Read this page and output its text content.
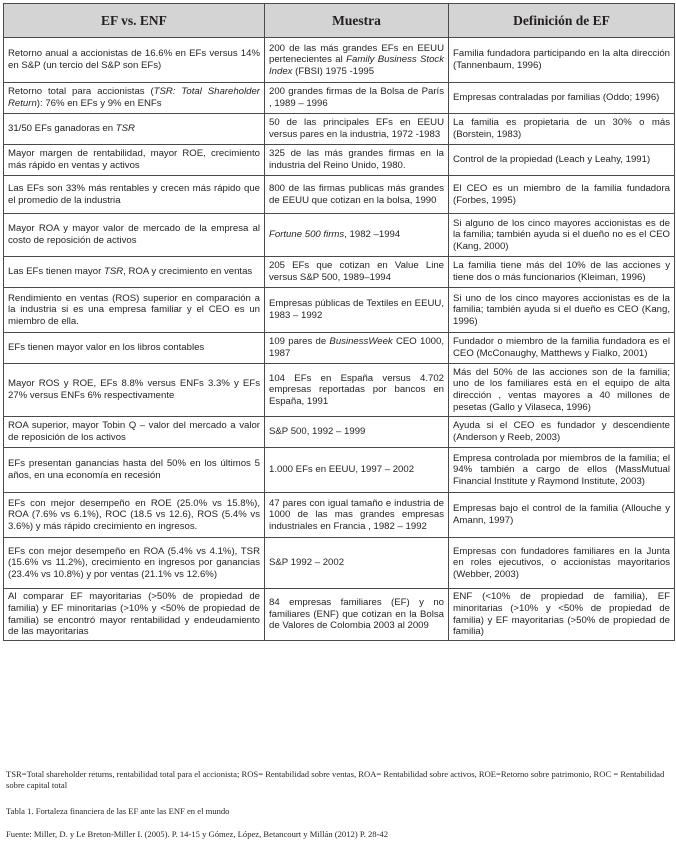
EF vs. ENF	Muestra	Definición de EF
Retorno anual a accionistas de 16.6% en EFs versus 14% en S&P (un tercio del S&P son EFs)	200 de las más grandes EFs en EEUU pertenecientes al Family Business Stock Index (FBSI) 1975 -1995	Familia fundadora participando en la alta dirección (Tannenbaum, 1996)
Retorno total para accionistas (TSR: Total Shareholder Return): 76% en EFs y 9% en ENFs	200 grandes firmas de la Bolsa de París , 1989 – 1996	Empresas contraladas por familias (Oddo; 1996)
31/50 EFs ganadoras en TSR	50 de las principales EFs en EEUU versus pares en la industria, 1972 -1983	La familia es propietaria de un 30% o más (Borstein, 1983)
Mayor margen de rentabilidad, mayor ROE, crecimiento más rápido en ventas y activos	325 de las más grandes firmas en la industria del Reino Unido, 1980.	Control de la propiedad (Leach y Leahy, 1991)
Las EFs son 33% más rentables y crecen más rápido que el promedio de la industria	800 de las firmas publicas más grandes de EEUU que cotizan en la bolsa, 1990	El CEO es un miembro de la familia fundadora (Forbes, 1995)
Mayor ROA y mayor valor de mercado de la empresa al costo de reposición de activos	Fortune 500 firms, 1982 –1994	Si alguno de los cinco mayores accionistas es de la familia; también ayuda si el dueño no es el CEO (Kang, 2000)
Las EFs tienen mayor TSR, ROA y crecimiento en ventas	205 EFs que cotizan en Value Line versus S&P 500, 1989–1994	La familia tiene más del 10% de las acciones y tiene dos o más funcionarios (Kleiman, 1996)
Rendimiento en ventas (ROS) superior en comparación a la industria si es una empresa familiar y el CEO es un miembro de ella.	Empresas públicas de Textiles en EEUU, 1983 – 1992	Si uno de los cinco mayores accionistas es de la familia; también ayuda si el dueño es CEO (Kang, 1996)
EFs tienen mayor valor en los libros contables	109 pares de BusinessWeek CEO 1000, 1987	Fundador o miembro de la familia fundadora es el CEO (McConaughy, Matthews y Fialko, 2001)
Mayor ROS y ROE, EFs 8.8% versus ENFs 3.3% y EFs 27% versus ENFs 6% respectivamente	104 EFs en España versus 4.702 empresas reportadas por bancos en España, 1991	Más del 50% de las acciones son de la familia; uno de los familiares está en el equipo de alta dirección , ventas mayores a 40 millones de pesetas (Gallo y Vilaseca, 1996)
ROA superior, mayor Tobin Q – valor del mercado a valor de reposición de los activos	S&P 500, 1992 – 1999	Ayuda si el CEO es fundador y descendiente (Anderson y Reeb, 2003)
EFs presentan ganancias hasta del 50% en los últimos 5 años, en una economía en recesión	1.000 EFs en EEUU, 1997 – 2002	Empresa controlada por miembros de la familia; el 94% también a cargo de ellos (MassMutual Financial Institute y Raymond Institute, 2003)
EFs con mejor desempeño en ROE (25.0% vs 15.8%), ROA (7.6% vs 6.1%), ROC (18.5 vs 12.6), ROS (5.4% vs 3.6%) y más rápido crecimiento en ingresos.	47 pares con igual tamaño e industria de 1000 de las mas grandes empresas industriales en Francia , 1982 – 1992	Empresas bajo el control de la familia (Allouche y Amann, 1997)
EFs con mejor desempeño en ROA (5.4% vs 4.1%), TSR (15.6% vs 11.2%), crecimiento en ingresos por ganancias (23.4% vs 10.8%) y por ventas (21.1% vs 12.6%)	S&P 1992 – 2002	Empresas con fundadores familiares en la Junta en roles ejecutivos, o accionistas mayoritarios (Webber, 2003)
Al comparar EF mayoritarias (>50% de propiedad de familia) y EF minoritarias (>10% y <50% de propiedad de familia) se encontró mayor rentabilidad y endeudamiento de las mayoritarias	84 empresas familiares (EF) y no familiares (ENF) que cotizan en la Bolsa de Valores de Colombia 2003 al 2009	ENF (<10% de propiedad de familia), EF minoritarias (>10% y <50% de propiedad de familia) y EF mayoritarias (>50% de propiedad de familia)
TSR=Total shareholder returns, rentabilidad total para el accionista; ROS= Rentabilidad sobre ventas, ROA= Rentabilidad sobre activos, ROE=Retorno sobre patrimonio, ROC = Rentabilidad sobre capital total
Tabla 1. Fortaleza financiera de las EF ante las ENF en el mundo
Fuente: Miller, D. y Le Breton-Miller I. (2005). P. 14-15 y Gómez, López, Betancourt y Millán (2012) P. 28-42
